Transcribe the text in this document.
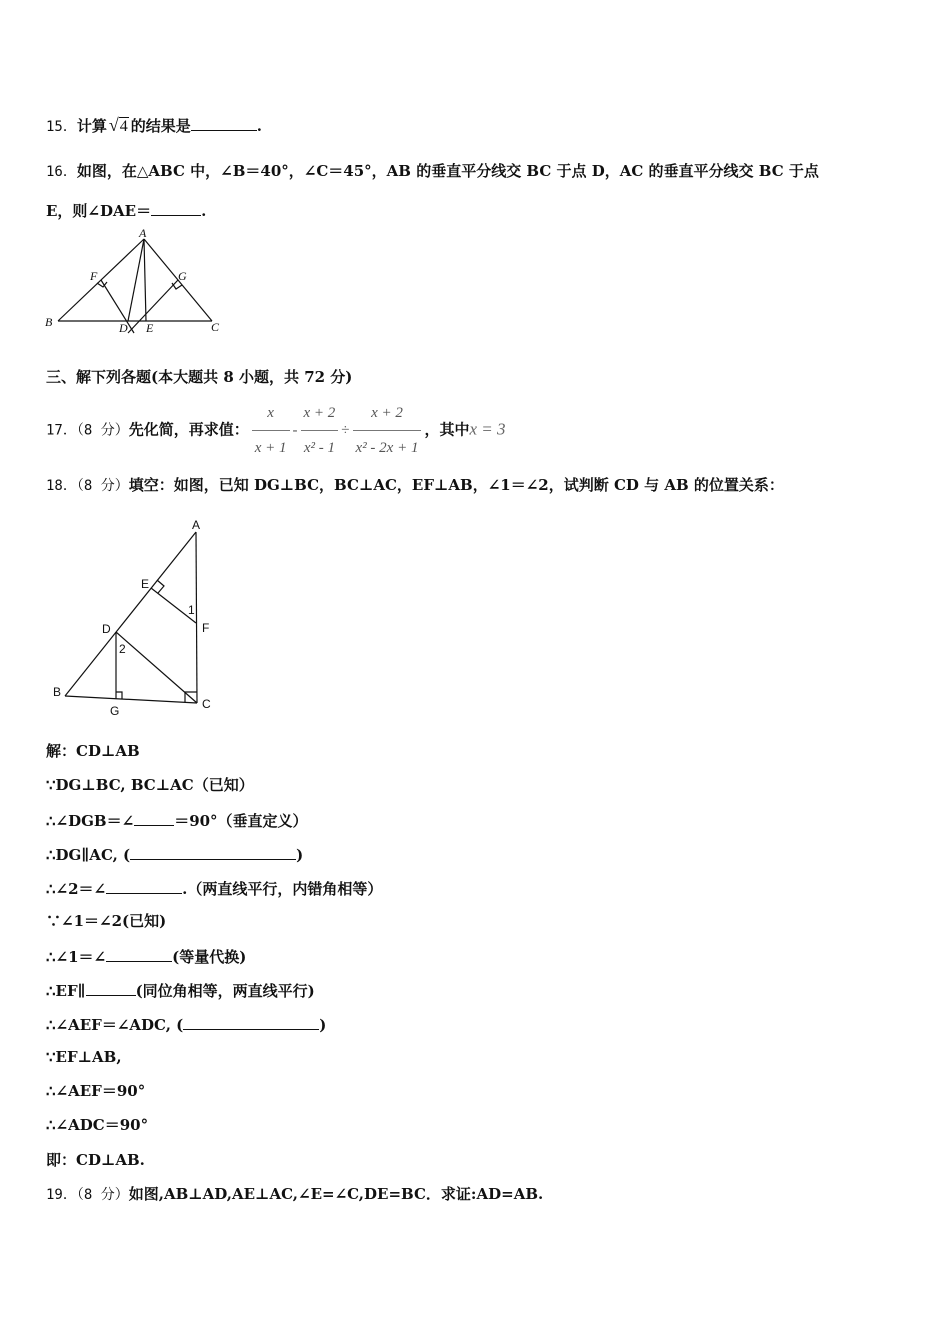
15．计算 √4 的结果是	.
16．如图，在△ABC 中，∠B＝40°，∠C＝45°，AB 的垂直平分线交 BC 于点 D，AC 的垂直平分线交 BC 于点
E，则∠DAE＝	.
A
B	C
D E
F	G
三、解下列各题(本大题共 8 小题，共 72 分)
17．（8 分）先化简，再求值： $\frac{x}{x + 1} - \frac{x + 2}{\text{x² - 1}} \div \frac{x + 2}{\text{x² - 2x + 1}}$ ，其中x = 3
18．（8 分）填空：如图，已知 DG⊥BC，BC⊥AC，EF⊥AB，∠1＝∠2，试判断 CD 与 AB 的位置关系：
A
B
C
D
E
F
G
1
2
解：CD⊥AB
∵DG⊥BC, BC⊥AC（已知）
∴∠DGB＝∠	＝90°（垂直定义）
∴DG∥AC, (	)
∴∠2＝∠	.（两直线平行，内错角相等）
∵∠1＝∠2(已知)
∴∠1＝∠	(等量代换)
∴EF∥	(同位角相等，两直线平行)
∴∠AEF＝∠ADC, (	)
∵EF⊥AB,
∴∠AEF＝90°
∴∠ADC＝90°
即：CD⊥AB.
19．（8 分）如图,AB⊥AD,AE⊥AC,∠E=∠C,DE=BC．求证:AD=AB.
